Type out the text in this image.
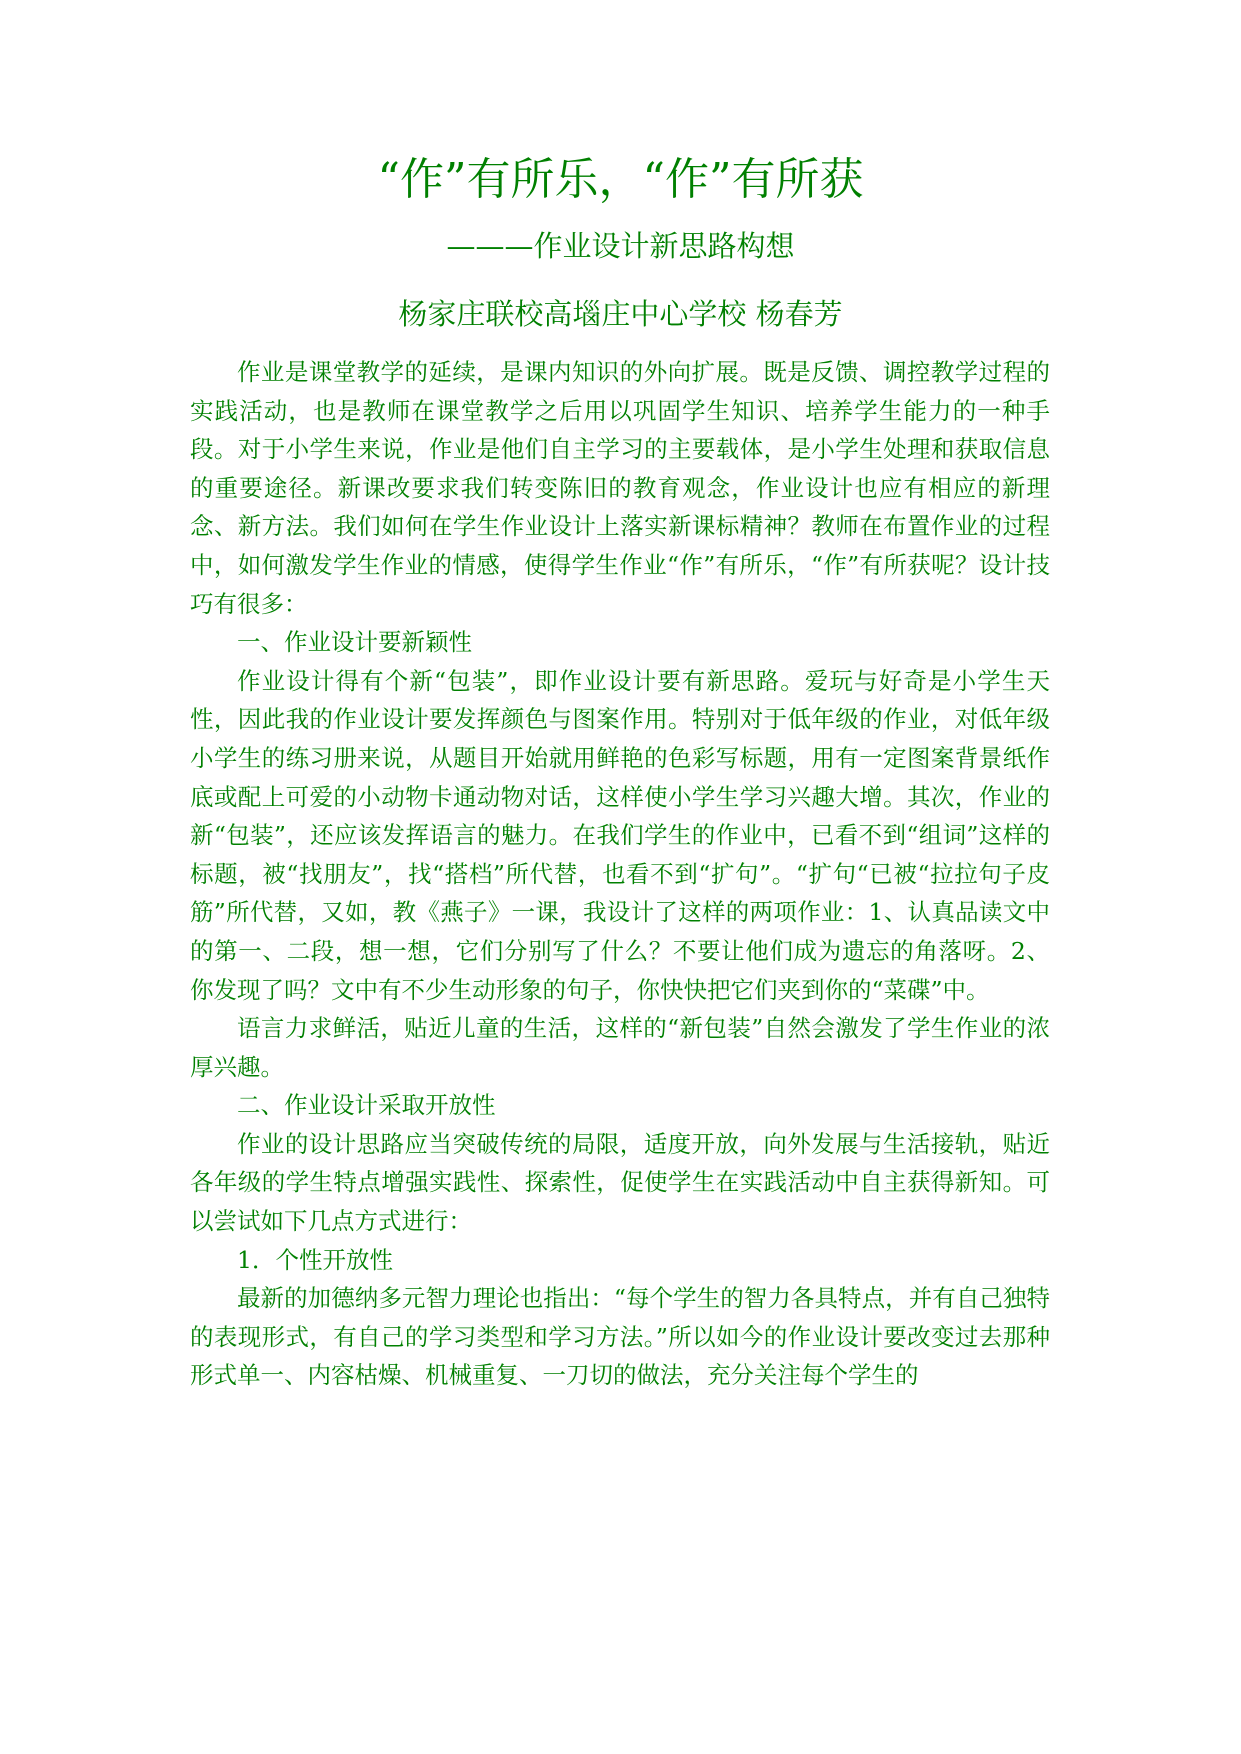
“作”有所乐，“作”有所获
———作业设计新思路构想
杨家庄联校高堖庄中心学校 杨春芳

作业是课堂教学的延续，是课内知识的外向扩展。既是反馈、调控教学过程的实践活动，也是教师在课堂教学之后用以巩固学生知识、培养学生能力的一种手段。对于小学生来说，作业是他们自主学习的主要载体，是小学生处理和获取信息的重要途径。新课改要求我们转变陈旧的教育观念，作业设计也应有相应的新理念、新方法。我们如何在学生作业设计上落实新课标精神？教师在布置作业的过程中，如何激发学生作业的情感，使得学生作业“作”有所乐，“作”有所获呢？设计技巧有很多：

一、作业设计要新颖性

作业设计得有个新“包装”，即作业设计要有新思路。爱玩与好奇是小学生天性，因此我的作业设计要发挥颜色与图案作用。特别对于低年级的作业，对低年级小学生的练习册来说，从题目开始就用鲜艳的色彩写标题，用有一定图案背景纸作底或配上可爱的小动物卡通动物对话，这样使小学生学习兴趣大增。其次，作业的新“包装”，还应该发挥语言的魅力。在我们学生的作业中，已看不到“组词”这样的标题，被“找朋友”，找“搭档”所代替，也看不到“扩句”。“扩句“已被“拉拉句子皮筋”所代替，又如，教《燕子》一课，我设计了这样的两项作业：1、认真品读文中的第一、二段，想一想，它们分别写了什么？不要让他们成为遗忘的角落呀。2、你发现了吗？文中有不少生动形象的句子，你快快把它们夹到你的“菜碟”中。

语言力求鲜活，贴近儿童的生活，这样的“新包装”自然会激发了学生作业的浓厚兴趣。

二、作业设计采取开放性

作业的设计思路应当突破传统的局限，适度开放，向外发展与生活接轨，贴近各年级的学生特点增强实践性、探索性，促使学生在实践活动中自主获得新知。可以尝试如下几点方式进行：

1．个性开放性

最新的加德纳多元智力理论也指出：“每个学生的智力各具特点，并有自己独特的表现形式，有自己的学习类型和学习方法。”所以如今的作业设计要改变过去那种形式单一、内容枯燥、机械重复、一刀切的做法，充分关注每个学生的
